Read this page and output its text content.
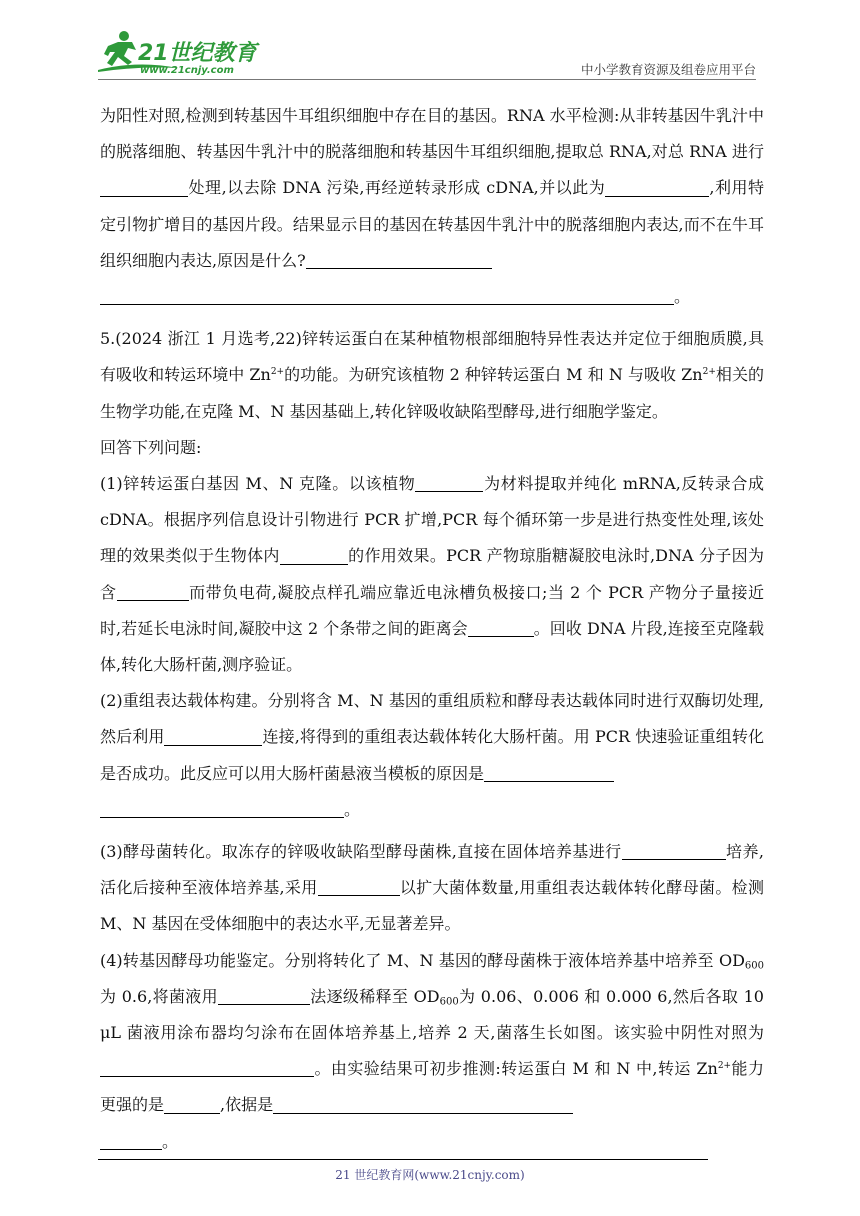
21世纪教育
www.21cnjy.com	中小学教育资源及组卷应用平台

为阳性对照,检测到转基因牛耳组织细胞中存在目的基因。RNA 水平检测:从非转基因牛乳汁中的脱落细胞、转基因牛乳汁中的脱落细胞和转基因牛耳组织细胞,提取总 RNA,对总 RNA 进行处理,以去除 DNA 污染,再经逆转录形成 cDNA,并以此为	,利用特定引物扩增目的基因片段。结果显示目的基因在转基因牛乳汁中的脱落细胞内表达,而不在牛耳组织细胞内表达,原因是什么?
。

5.(2024 浙江 1 月选考,22)锌转运蛋白在某种植物根部细胞特异性表达并定位于细胞质膜,具有吸收和转运环境中 $Zn^{2+}$的功能。为研究该植物 2 种锌转运蛋白 M 和 N 与吸收 $Zn^{2+}$相关的生物学功能,在克隆 M、N 基因基础上,转化锌吸收缺陷型酵母,进行细胞学鉴定。

回答下列问题:

(1)锌转运蛋白基因 M、N 克隆。以该植物	为材料提取并纯化 mRNA,反转录合成 cDNA。根据序列信息设计引物进行 PCR 扩增,PCR 每个循环第一步是进行热变性处理,该处理的效果类似于生物体内	的作用效果。PCR 产物琼脂糖凝胶电泳时,DNA 分子因为含	而带负电荷,凝胶点样孔端应靠近电泳槽负极接口;当 2 个 PCR 产物分子量接近时,若延长电泳时间,凝胶中这 2 个条带之间的距离会	。回收 DNA 片段,连接至克隆载体,转化大肠杆菌,测序验证。

(2)重组表达载体构建。分别将含 M、N 基因的重组质粒和酵母表达载体同时进行双酶切处理,然后利用	连接,将得到的重组表达载体转化大肠杆菌。用 PCR 快速验证重组转化是否成功。此反应可以用大肠杆菌悬液当模板的原因是
。

(3)酵母菌转化。取冻存的锌吸收缺陷型酵母菌株,直接在固体培养基进行	培养,活化后接种至液体培养基,采用	以扩大菌体数量,用重组表达载体转化酵母菌。检测 M、N 基因在受体细胞中的表达水平,无显著差异。

(4)转基因酵母功能鉴定。分别将转化了 M、N 基因的酵母菌株于液体培养基中培养至 $OD_{600}$为 0.6,将菌液用	法逐级稀释至 $OD_{600}$为 0.06、0.006 和 0.000 6,然后各取 10 μL 菌液用涂布器均匀涂布在固体培养基上,培养 2 天,菌落生长如图。该实验中阴性对照为。由实验结果可初步推测:转运蛋白 M 和 N 中,转运 $Zn^{2+}$能力更强的是	,依据是
。

21 世纪教育网(www.21cnjy.com)
